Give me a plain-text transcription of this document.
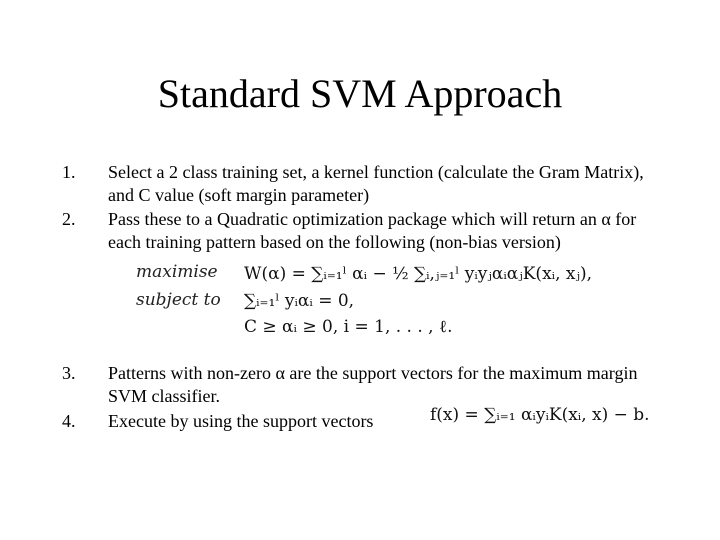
Standard SVM Approach
1.	Select a 2 class training set, a kernel function (calculate the Gram Matrix), and C value (soft margin parameter)
2.	Pass these to a Quadratic optimization package which will return an α for each training pattern based on the following (non-bias version)
maximise W(α) = ∑ᵢ₌₁ˡ αᵢ − ½ ∑ᵢ,ⱼ₌₁ˡ yᵢyⱼαᵢαⱼK(xᵢ, xⱼ),
subject to ∑ᵢ₌₁ˡ yᵢαᵢ = 0,
C ≥ αᵢ ≥ 0, i = 1, . . . , ℓ.
3.	Patterns with non-zero α are the support vectors for the maximum margin SVM classifier.
4.	Execute by using the support vectors	f(x) = ∑ᵢ₌₁ αᵢyᵢK(xᵢ, x) − b.
